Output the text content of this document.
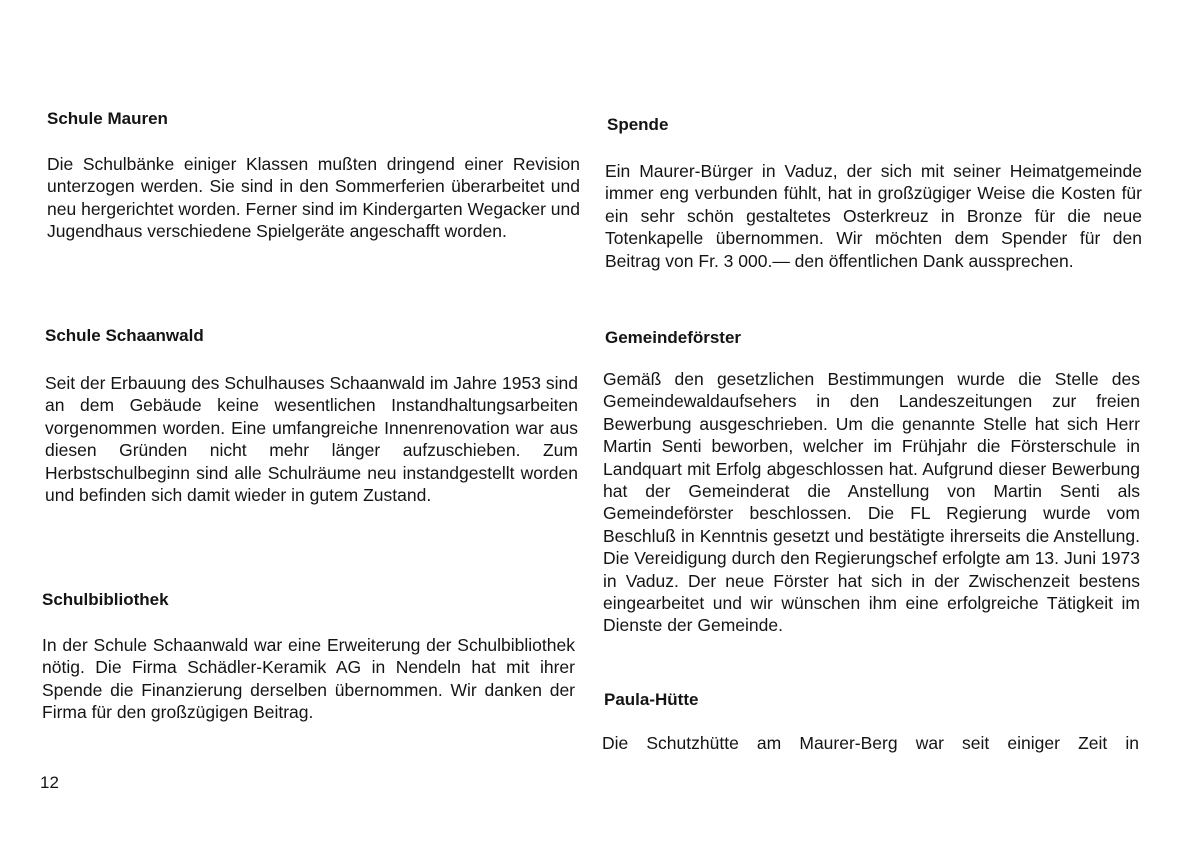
Schule Mauren

Die Schulbänke einiger Klassen mußten dringend einer Revision unterzogen werden. Sie sind in den Sommerferien überarbeitet und neu hergerichtet worden. Ferner sind im Kindergarten Wegacker und Jugendhaus verschiedene Spielgeräte angeschafft worden.

Schule Schaanwald

Seit der Erbauung des Schulhauses Schaanwald im Jahre 1953 sind an dem Gebäude keine wesentlichen Instandhaltungsarbeiten vorgenommen worden. Eine umfangreiche Innenrenovation war aus diesen Gründen nicht mehr länger aufzuschieben. Zum Herbstschulbeginn sind alle Schulräume neu instandgestellt worden und befinden sich damit wieder in gutem Zustand.

Schulbibliothek

In der Schule Schaanwald war eine Erweiterung der Schulbibliothek nötig. Die Firma Schädler-Keramik AG in Nendeln hat mit ihrer Spende die Finanzierung derselben übernommen. Wir danken der Firma für den großzügigen Beitrag.

12
Spende

Ein Maurer-Bürger in Vaduz, der sich mit seiner Heimatgemeinde immer eng verbunden fühlt, hat in großzügiger Weise die Kosten für ein sehr schön gestaltetes Osterkreuz in Bronze für die neue Totenkapelle übernommen. Wir möchten dem Spender für den Beitrag von Fr. 3 000.— den öffentlichen Dank aussprechen.

Gemeindeförster

Gemäß den gesetzlichen Bestimmungen wurde die Stelle des Gemeindewaldaufsehers in den Landeszeitungen zur freien Bewerbung ausgeschrieben. Um die genannte Stelle hat sich Herr Martin Senti beworben, welcher im Frühjahr die Försterschule in Landquart mit Erfolg abgeschlossen hat. Aufgrund dieser Bewerbung hat der Gemeinderat die Anstellung von Martin Senti als Gemeindeförster beschlossen. Die FL Regierung wurde vom Beschluß in Kenntnis gesetzt und bestätigte ihrerseits die Anstellung. Die Vereidigung durch den Regierungschef erfolgte am 13. Juni 1973 in Vaduz. Der neue Förster hat sich in der Zwischenzeit bestens eingearbeitet und wir wünschen ihm eine erfolgreiche Tätigkeit im Dienste der Gemeinde.

Paula-Hütte

Die Schutzhütte am Maurer-Berg war seit einiger Zeit in
